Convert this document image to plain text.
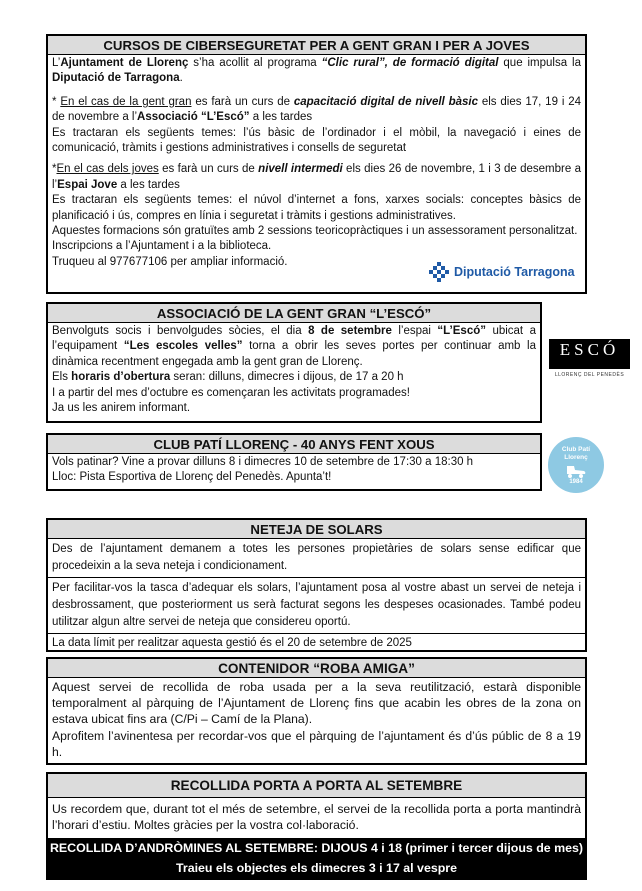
CURSOS DE CIBERSEGURETAT PER A GENT GRAN I PER A JOVES

L’Ajuntament de Llorenç s’ha acollit al programa “Clic rural”, de formació digital que impulsa la Diputació de Tarragona.

* En el cas de la gent gran es farà un curs de capacitació digital de nivell bàsic els dies 17, 19 i 24 de novembre a l’Associació “L’Escó” a les tardes

Es tractaran els següents temes: l’ús bàsic de l’ordinador i el mòbil, la navegació i eines de comunicació, tràmits i gestions administratives i consells de seguretat

*En el cas dels joves es farà un curs de nivell intermedi els dies 26 de novembre, 1 i 3 de desembre a l’Espai Jove a les tardes

Es tractaran els següents temes: el núvol d’internet a fons, xarxes socials: conceptes bàsics de planificació i ús, compres en línia i seguretat i tràmits i gestions administratives.

Aquestes formacions són gratuïtes amb 2 sessions teoricopràctiques i un assessorament personalitzat.

Inscripcions a l’Ajuntament i a la biblioteca.

Truqueu al 977677106 per ampliar informació.

Diputació Tarragona
ASSOCIACIÓ DE LA GENT GRAN “L’ESCÓ”

Benvolguts socis i benvolgudes sòcies, el dia 8 de setembre l’espai “L’Escó” ubicat a l’equipament “Les escoles velles” torna a obrir les seves portes per continuar amb la dinàmica recentment engegada amb la gent gran de Llorenç.

Els horaris d’obertura seran: dilluns, dimecres i dijous, de 17 a 20 h

I a partir del mes d’octubre es començaran les activitats programades!

Ja us les anirem informant.

ESCÓ
LLORENÇ DEL PENEDÈS
CLUB PATÍ LLORENÇ - 40 ANYS FENT XOUS

Vols patinar? Vine a provar dilluns 8 i dimecres 10 de setembre de 17:30 a 18:30 h

Lloc: Pista Esportiva de Llorenç del Penedès. Apunta’t!

Club Patí Llorenç
1984
NETEJA DE SOLARS
Des de l’ajuntament demanem a totes les persones propietàries de solars sense edificar que procedeixin a la seva neteja i condicionament.
Per facilitar-vos la tasca d’adequar els solars, l’ajuntament posa al vostre abast un servei de neteja i desbrossament, que posteriorment us serà facturat segons les despeses ocasionades. També podeu utilitzar algun altre servei de neteja que considereu oportú.
La data límit per realitzar aquesta gestió és el 20 de setembre de 2025
CONTENIDOR “ROBA AMIGA”

Aquest servei de recollida de roba usada per a la seva reutilització, estarà disponible temporalment al pàrquing de l’Ajuntament de Llorenç fins que acabin les obres de la zona on estava ubicat fins ara (C/Pi – Camí de la Plana).

Aprofitem l’avinentesa per recordar-vos que el pàrquing de l’ajuntament és d’ús públic de 8 a 19 h.

RECOLLIDA PORTA A PORTA AL SETEMBRE
Us recordem que, durant tot el més de setembre, el servei de la recollida porta a porta mantindrà l’horari d’estiu. Moltes gràcies per la vostra col·laboració.
RECOLLIDA D’ANDRÒMINES AL SETEMBRE: DIJOUS 4 i 18 (primer i tercer dijous de mes)
Traieu els objectes els dimecres 3 i 17 al vespre
